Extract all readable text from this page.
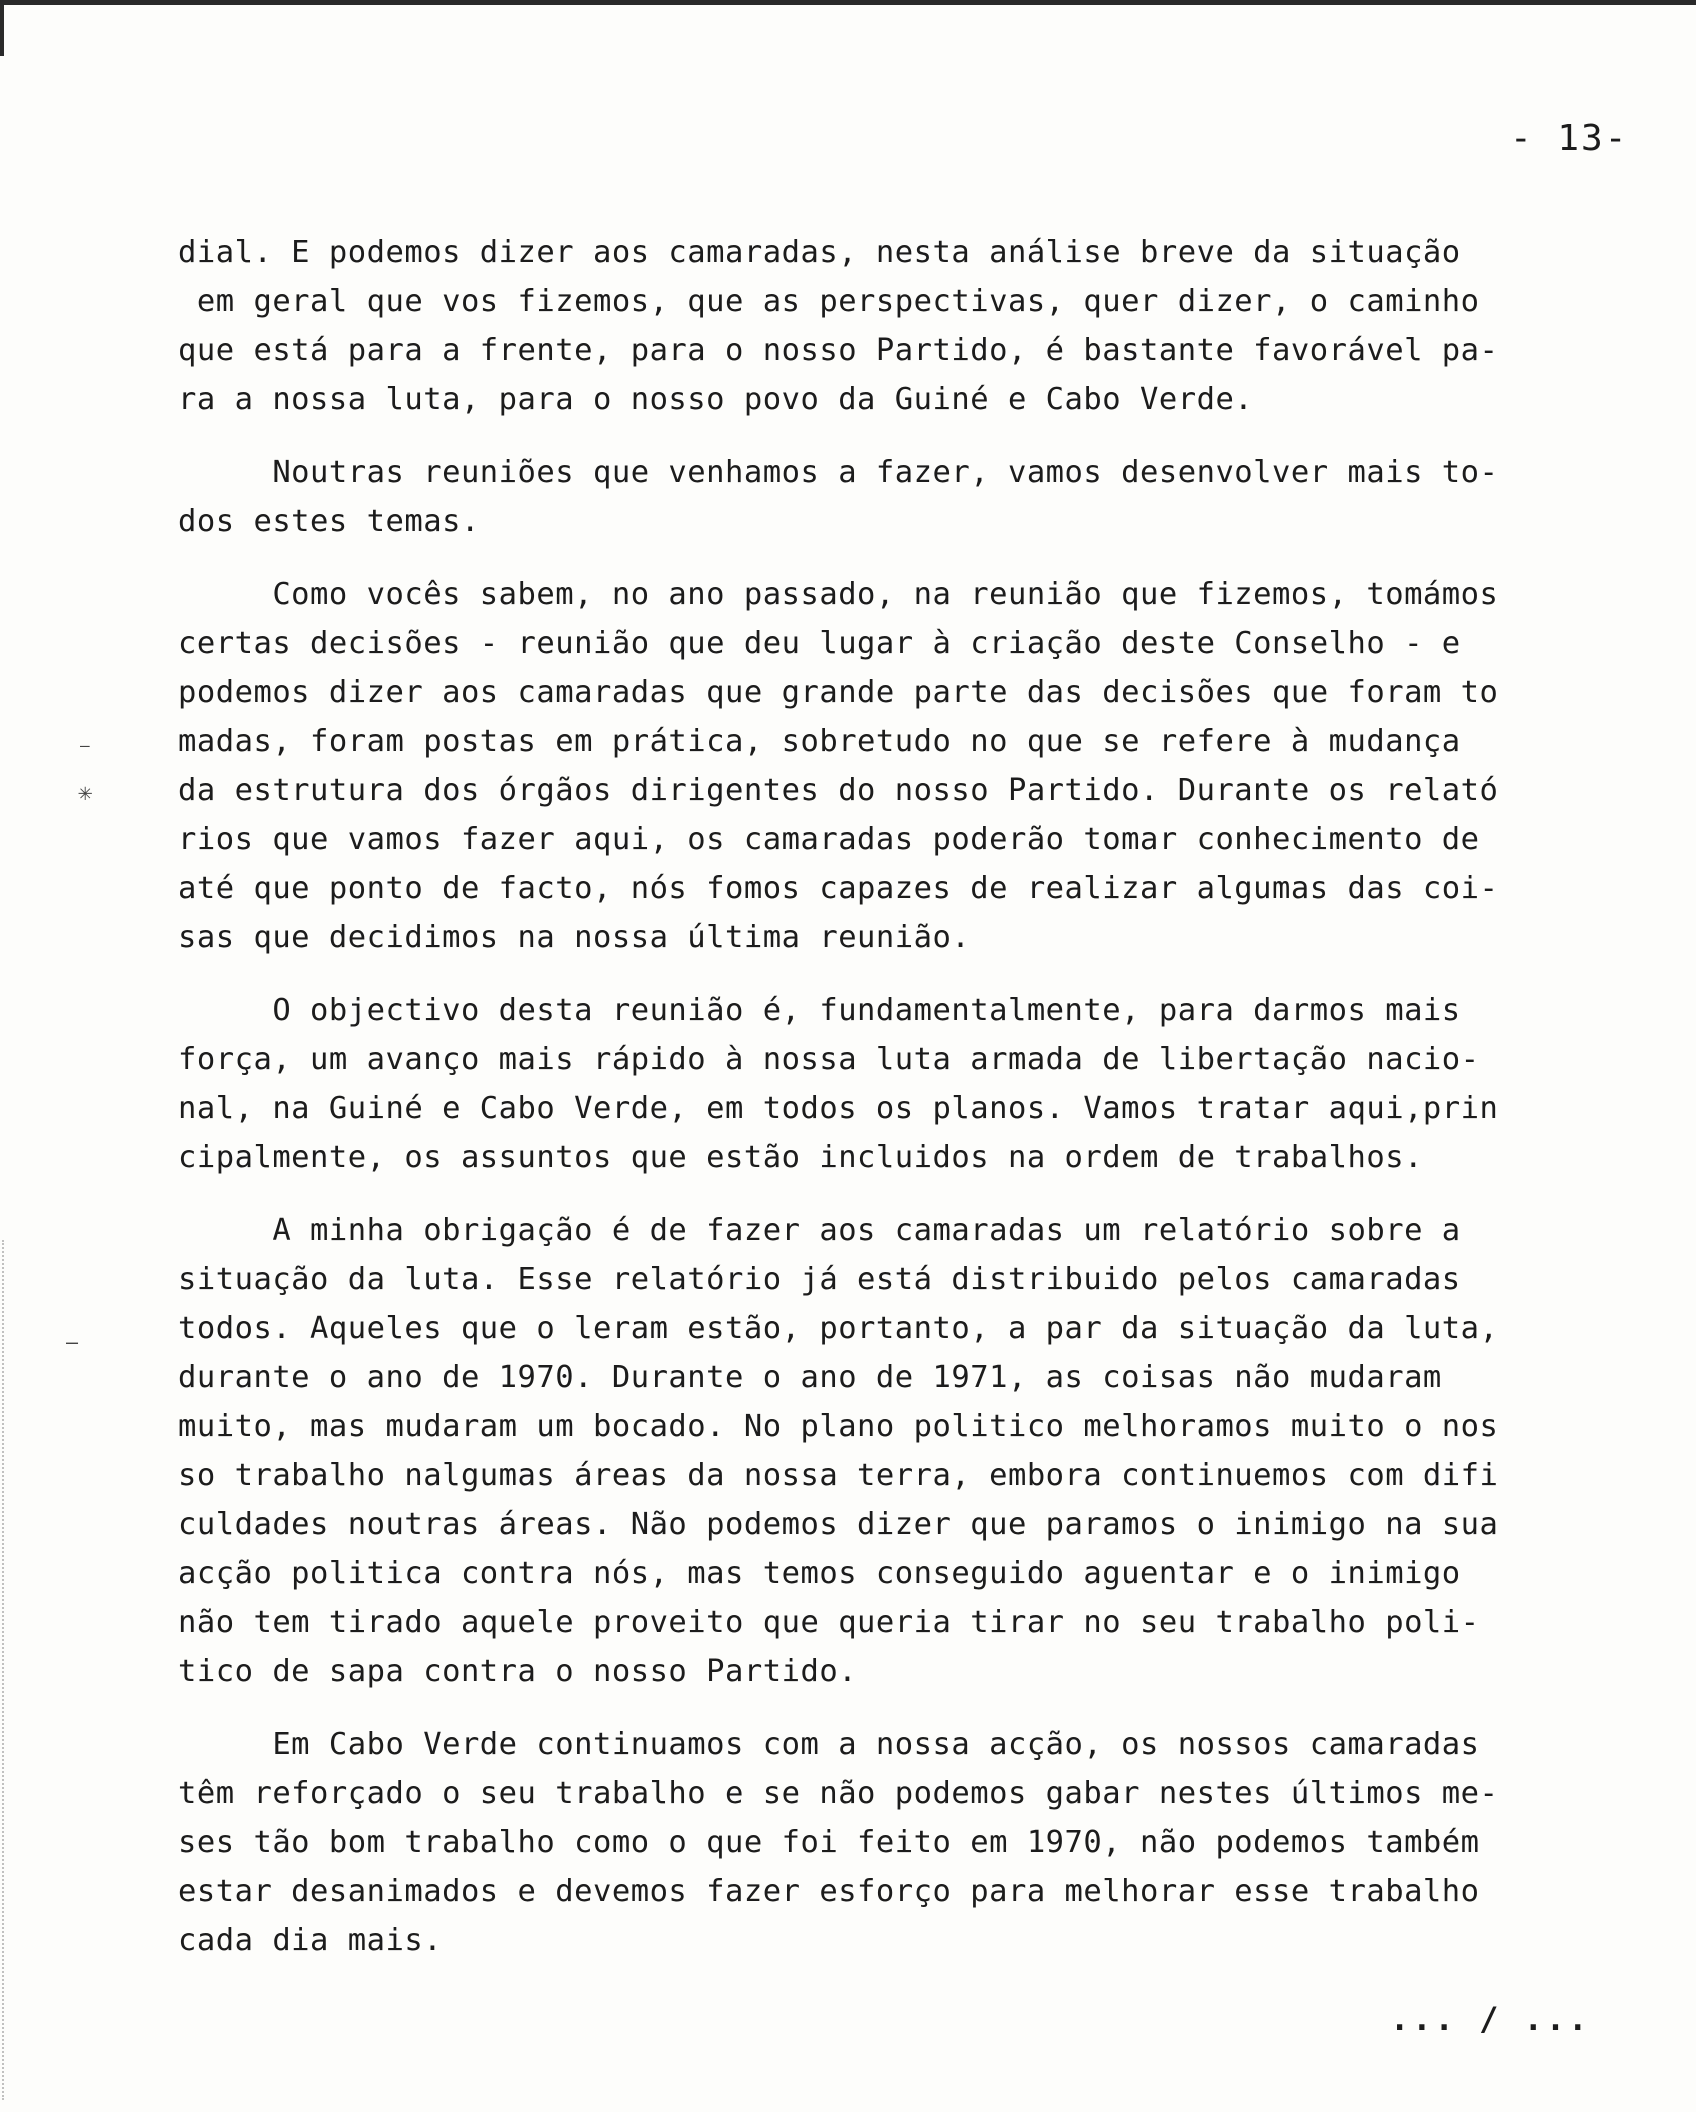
✳
—
—
- 13-
dial. E podemos dizer aos camaradas, nesta análise breve da situação
em geral que vos fizemos, que as perspectivas, quer dizer, o caminho
que está para a frente, para o nosso Partido, é bastante favorável pa-
ra a nossa luta, para o nosso povo da Guiné e Cabo Verde.
Noutras reuniões que venhamos a fazer, vamos desenvolver mais to-
dos estes temas.
Como vocês sabem, no ano passado, na reunião que fizemos, tomámos
certas decisões - reunião que deu lugar à criação deste Conselho - e
podemos dizer aos camaradas que grande parte das decisões que foram to
madas, foram postas em prática, sobretudo no que se refere à mudança
da estrutura dos órgãos dirigentes do nosso Partido. Durante os relató
rios que vamos fazer aqui, os camaradas poderão tomar conhecimento de
até que ponto de facto, nós fomos capazes de realizar algumas das coi-
sas que decidimos na nossa última reunião.
O objectivo desta reunião é, fundamentalmente, para darmos mais
força, um avanço mais rápido à nossa luta armada de libertação nacio-
nal, na Guiné e Cabo Verde, em todos os planos. Vamos tratar aqui,prin
cipalmente, os assuntos que estão incluidos na ordem de trabalhos.
A minha obrigação é de fazer aos camaradas um relatório sobre a
situação da luta. Esse relatório já está distribuido pelos camaradas
todos. Aqueles que o leram estão, portanto, a par da situação da luta,
durante o ano de 1970. Durante o ano de 1971, as coisas não mudaram
muito, mas mudaram um bocado. No plano politico melhoramos muito o nos
so trabalho nalgumas áreas da nossa terra, embora continuemos com difi
culdades noutras áreas. Não podemos dizer que paramos o inimigo na sua
acção politica contra nós, mas temos conseguido aguentar e o inimigo
não tem tirado aquele proveito que queria tirar no seu trabalho poli-
tico de sapa contra o nosso Partido.
Em Cabo Verde continuamos com a nossa acção, os nossos camaradas
têm reforçado o seu trabalho e se não podemos gabar nestes últimos me-
ses tão bom trabalho como o que foi feito em 1970, não podemos também
estar desanimados e devemos fazer esforço para melhorar esse trabalho
cada dia mais.
... / ...
